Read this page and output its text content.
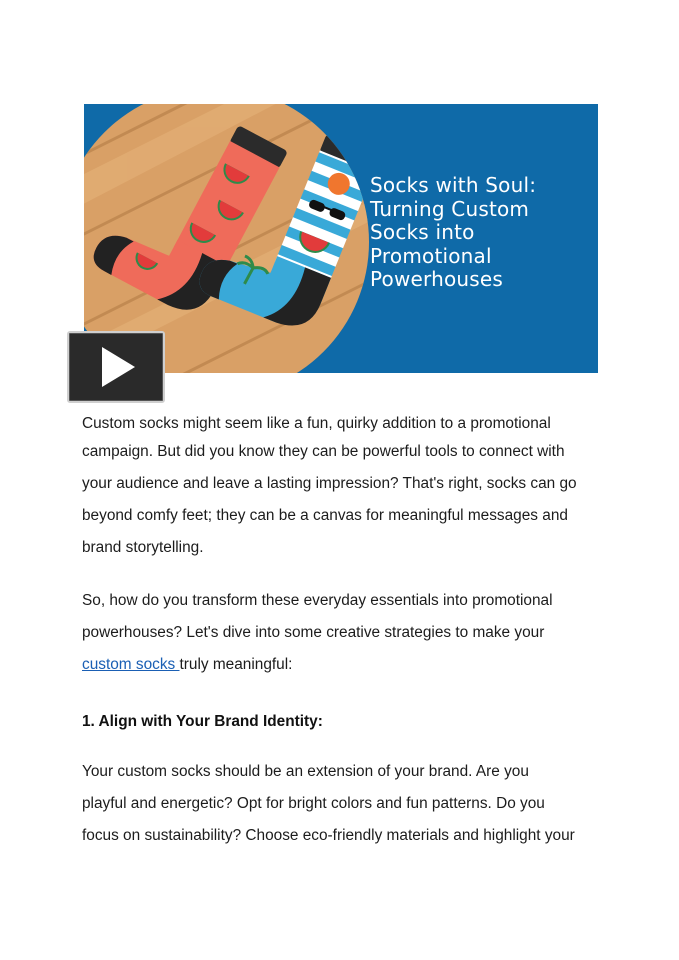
Socks with Soul:
Turning Custom
Socks into
Promotional
Powerhouses
Custom socks might seem like a fun, quirky addition to a promotional
campaign. But did you know they can be powerful tools to connect with
your audience and leave a lasting impression? That's right, socks can go
beyond comfy feet; they can be a canvas for meaningful messages and
brand storytelling.
So, how do you transform these everyday essentials into promotional
powerhouses? Let's dive into some creative strategies to make your
custom socks truly meaningful:
1. Align with Your Brand Identity:
Your custom socks should be an extension of your brand. Are you
playful and energetic? Opt for bright colors and fun patterns. Do you
focus on sustainability? Choose eco-friendly materials and highlight your
